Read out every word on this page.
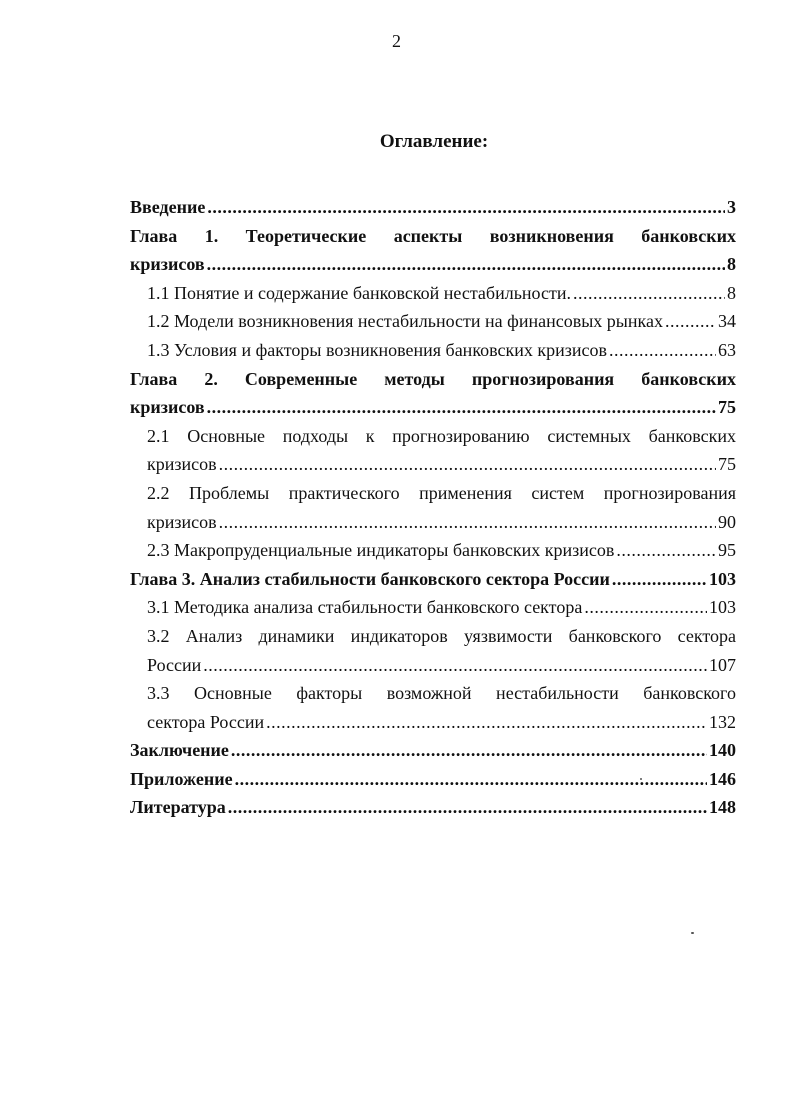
2
Оглавление:
Введение .....	3
Глава 1. Теоретические аспекты возникновения банковских
кризисов .....	8
1.1 Понятие и содержание банковской нестабильности. .....	8
1.2 Модели возникновения нестабильности на финансовых рынках .....	34
1.3 Условия и факторы возникновения банковских кризисов .....	63
Глава 2. Современные методы прогнозирования банковских
кризисов .....	75
2.1 Основные подходы к прогнозированию системных банковских
кризисов .....	75
2.2 Проблемы практического применения систем прогнозирования
кризисов .....	90
2.3 Макропруденциальные индикаторы банковских кризисов .....	95
Глава 3. Анализ стабильности банковского сектора России .....	103
3.1 Методика анализа стабильности банковского сектора .....	103
3.2 Анализ динамики индикаторов уязвимости банковского сектора
России .....	107
3.3 Основные факторы возможной нестабильности банковского
сектора России .....	132
Заключение .....	140
Приложение .....	146
Литература .....	148
